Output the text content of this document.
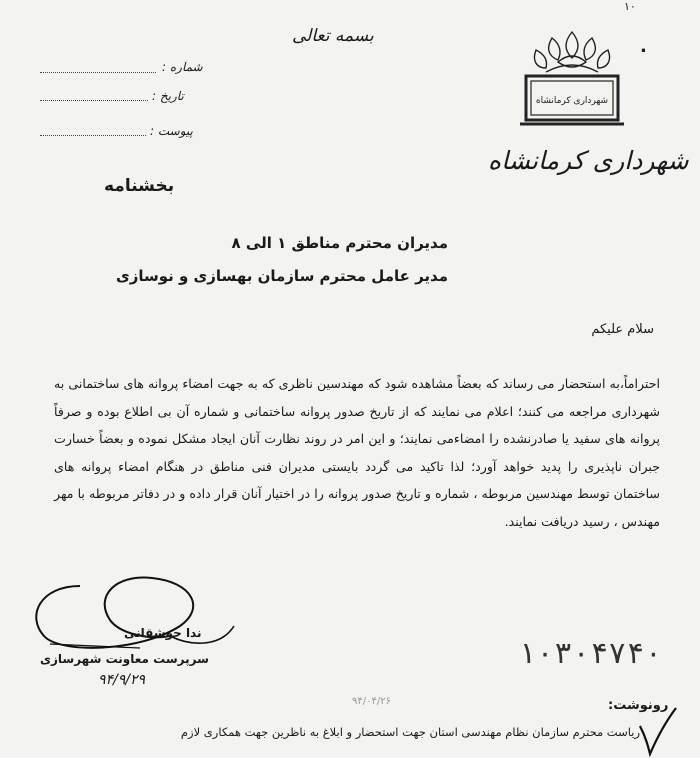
۱۰
.
بسمه تعالی
شماره :
تاریخ :
پیوست :
بخشنامه
شهرداری کرمانشاه
شهرداری کرمانشاه
مدیران محترم مناطق ۱ الی ۸
مدیر عامل محترم سازمان بهسازی و نوسازی
سلام علیکم
احتراماً،به استحضار می رساند که بعضاً مشاهده شود که مهندسین ناظری که به جهت امضاء پروانه های ساختمانی به شهرداری مراجعه می کنند؛ اعلام می نمایند که از تاریخ صدور پروانه ساختمانی و شماره آن بی اطلاع بوده و صرفاً پروانه های سفید یا صادرنشده را امضاءمی نمایند؛ و این امر در روند نظارت آنان ایجاد مشکل نموده و بعضاً خسارت جبران ناپذیری را پدید خواهد آورد؛ لذا تاکید می گردد بایستی مدیران فنی مناطق در هنگام امضاء پروانه های ساختمان توسط مهندسین مربوطه ، شماره و تاریخ صدور پروانه را در اختیار آنان قرار داده و در دفاتر مربوطه با مهر مهندس ، رسید دریافت نمایند.
ندا جوشقانی
سرپرست معاونت شهرسازی
۹۴/۹/۲۹
۱۰۳۰۴۷۴۰
۹۴/۰۴/۲۶	رونوشت:
ریاست محترم سازمان نظام مهندسی استان جهت استحضار و ابلاغ به ناظرین جهت همکاری لازم
